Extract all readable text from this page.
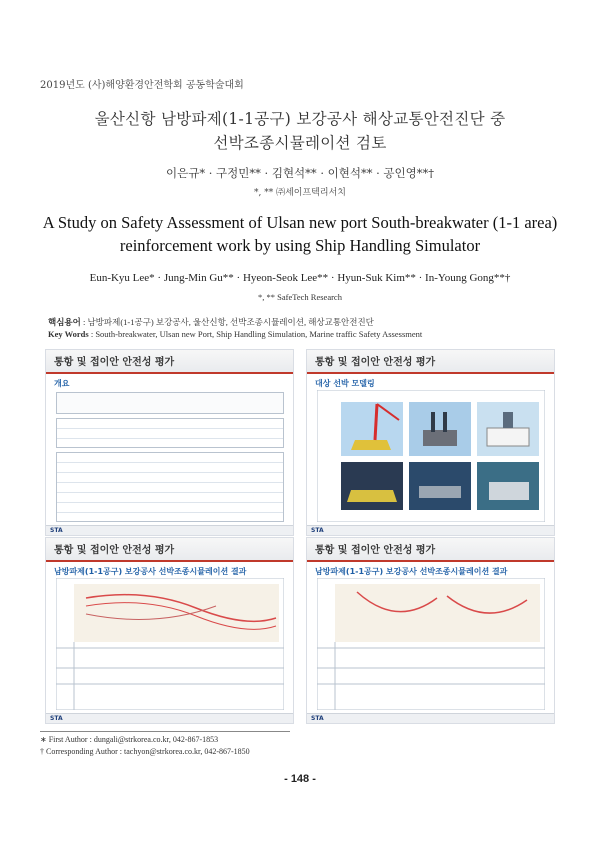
2019년도 (사)해양환경안전학회 공동학술대회
울산신항 남방파제(1-1공구) 보강공사 해상교통안전진단 중
선박조종시뮬레이션 검토
이은규* · 구정민** · 김현석** · 이현석** · 공인영**†
*, ** ㈜세이프텍리서치
A Study on Safety Assessment of Ulsan new port South-breakwater (1-1 area)
reinforcement work by using Ship Handling Simulator
Eun-Kyu Lee* · Jung-Min Gu** · Hyeon-Seok Lee** · Hyun-Suk Kim** · In-Young Gong**†
*, ** SafeTech Research
핵심용어 : 남방파제(1-1공구) 보강공사, 울산신항, 선박조종시뮬레이션, 해상교통안전진단
Key Words : South-breakwater, Ulsan new Port, Ship Handling Simulation, Marine traffic Safety Assessment
통항 및 접이안 안전성 평가
개요
STA
통항 및 접이안 안전성 평가
대상 선박 모델링
STA
통항 및 접이안 안전성 평가
남방파제(1-1공구) 보강공사 선박조종시뮬레이션 결과
STA
통항 및 접이안 안전성 평가
남방파제(1-1공구) 보강공사 선박조종시뮬레이션 결과
STA
∗ First Author : dungali@strkorea.co.kr, 042-867-1853
† Corresponding Author : tachyon@strkorea.co.kr, 042-867-1850
- 148 -
